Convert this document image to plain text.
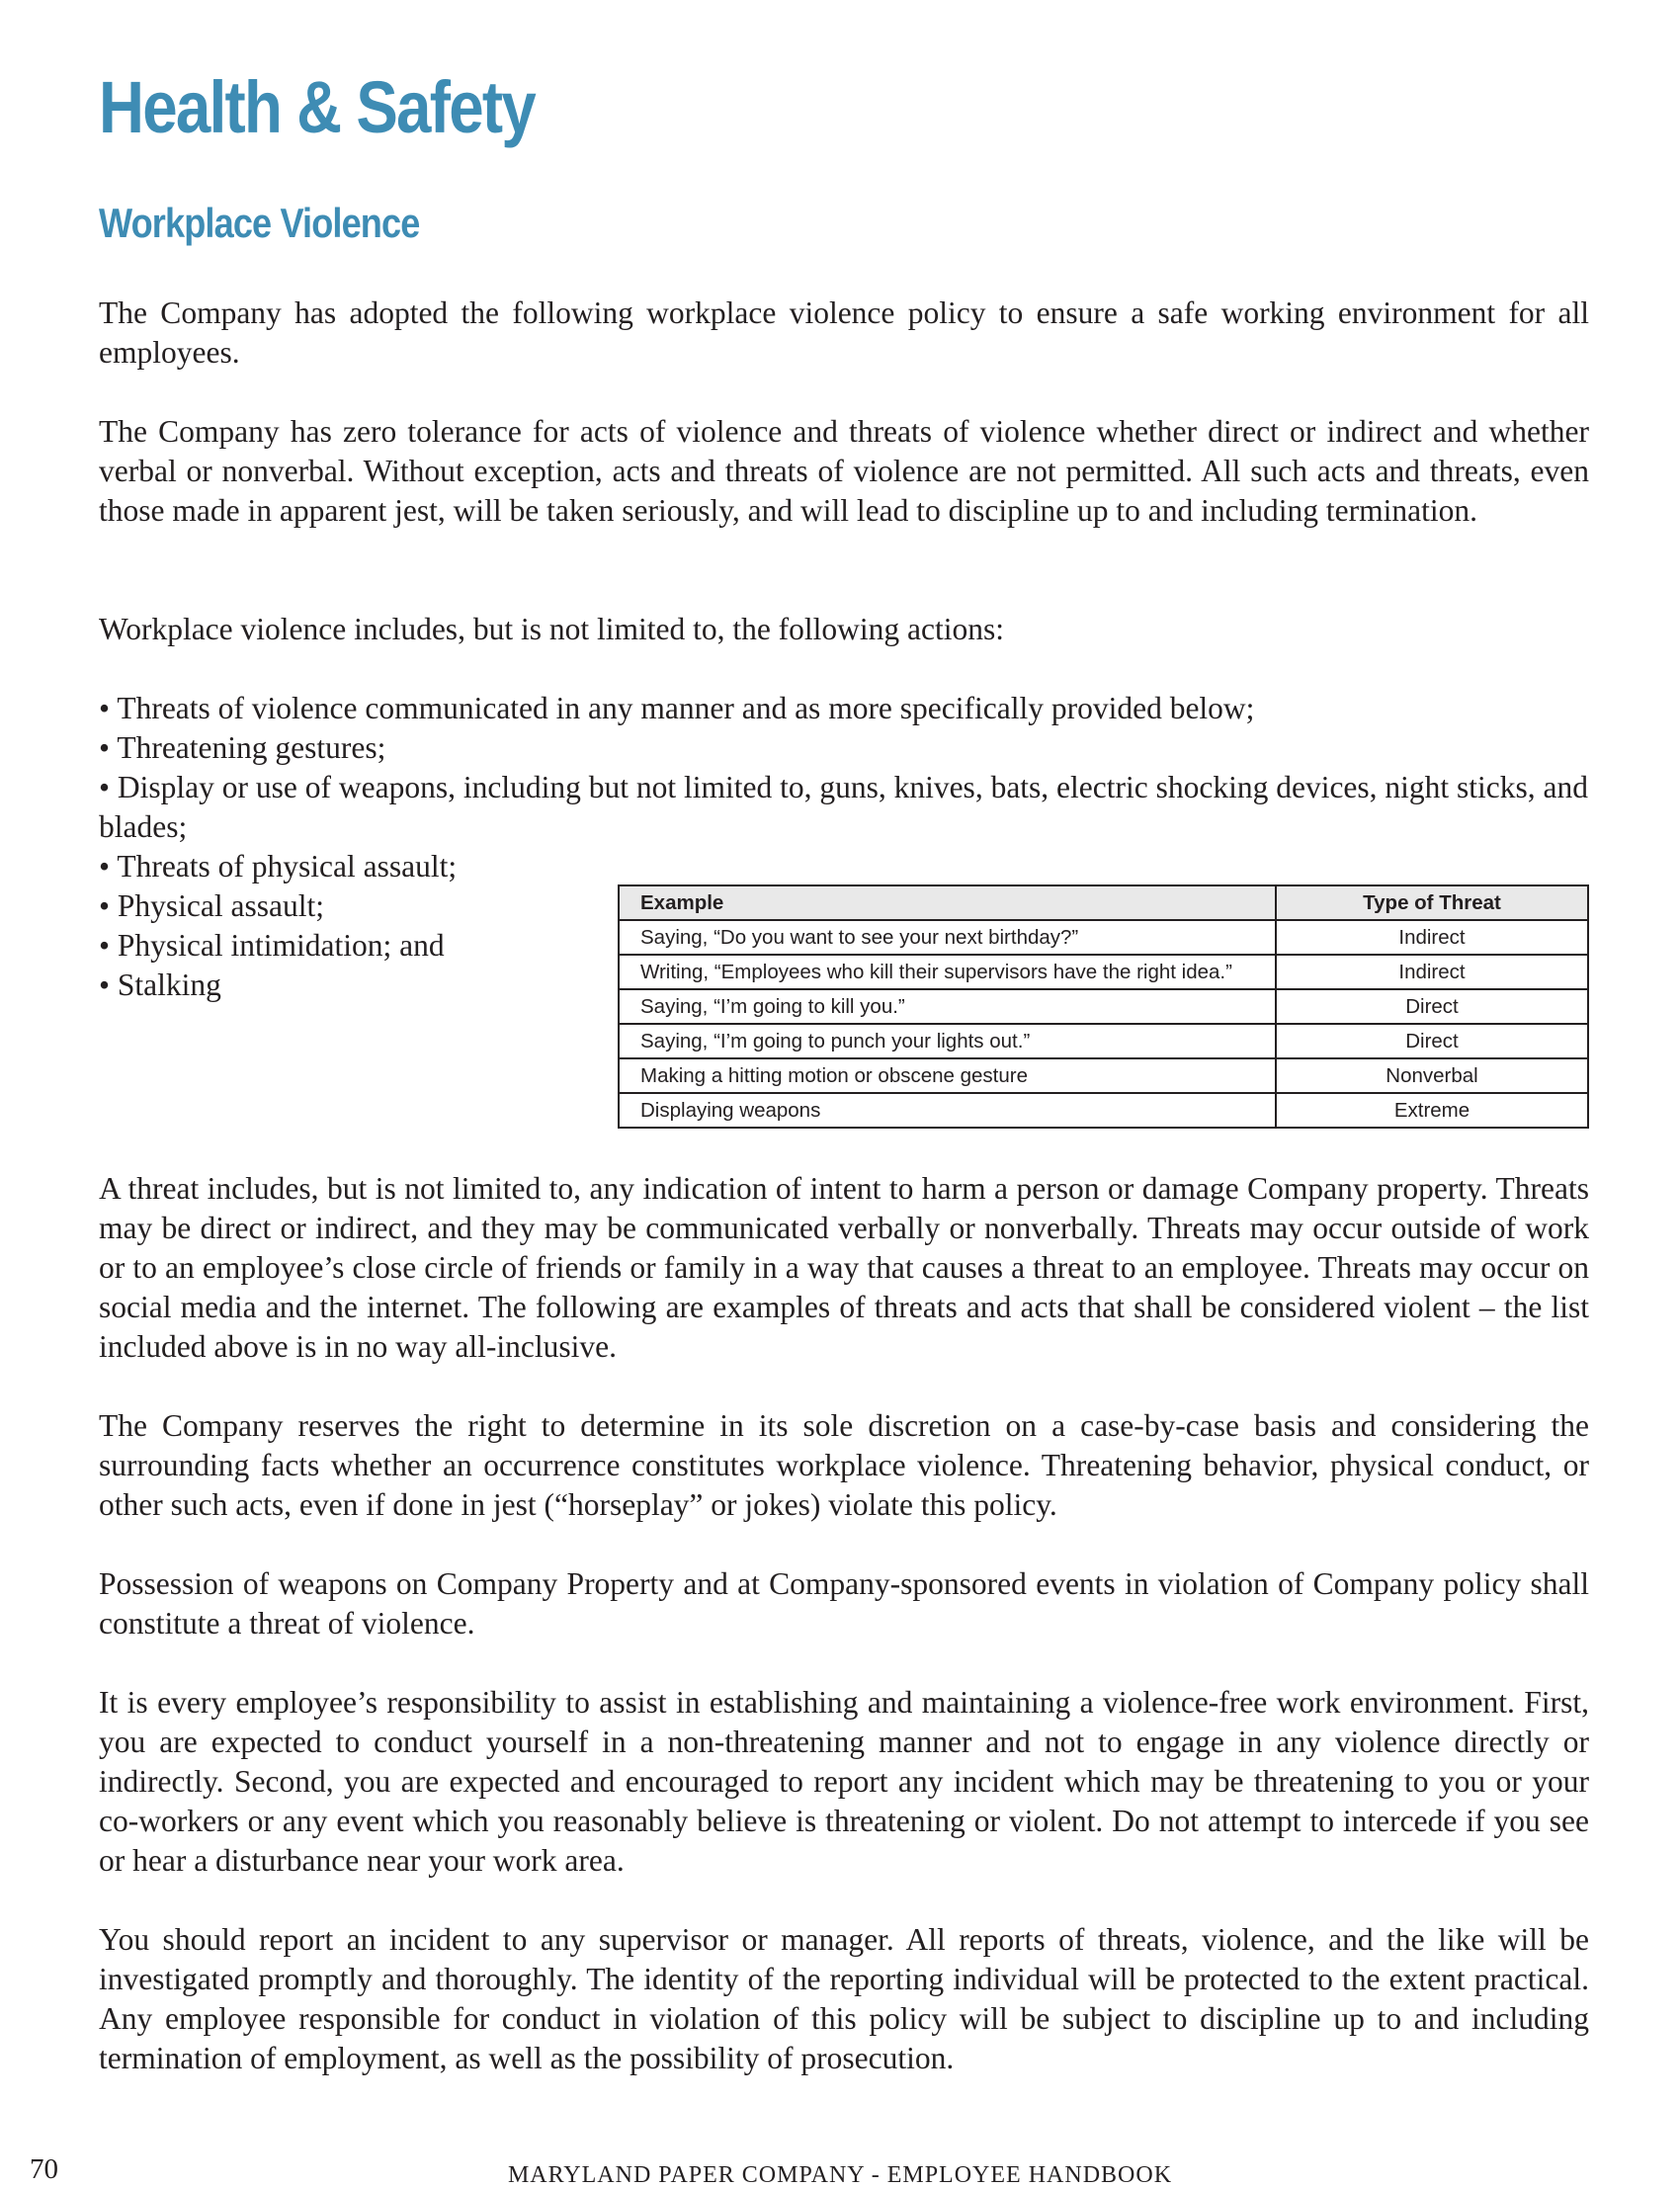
Health & Safety
Workplace Violence

The Company has adopted the following workplace violence policy to ensure a safe working environment for all employees.

The Company has zero tolerance for acts of violence and threats of violence whether direct or indirect and whether verbal or nonverbal. Without exception, acts and threats of violence are not permitted. All such acts and threats, even those made in apparent jest, will be taken seriously, and will lead to discipline up to and including termination.

Workplace violence includes, but is not limited to, the following actions:

• Threats of violence communicated in any manner and as more specifically provided below;
• Threatening gestures;
• Display or use of weapons, including but not limited to, guns, knives, bats, electric shocking devices, night sticks, and blades;
• Threats of physical assault;
• Physical assault;
• Physical intimidation; and
• Stalking
Example	Type of Threat
Saying, “Do you want to see your next birthday?”	Indirect
Writing, “Employees who kill their supervisors have the right idea.”	Indirect
Saying, “I’m going to kill you.”	Direct
Saying, “I’m going to punch your lights out.”	Direct
Making a hitting motion or obscene gesture	Nonverbal
Displaying weapons	Extreme

A threat includes, but is not limited to, any indication of intent to harm a person or damage Company property. Threats may be direct or indirect, and they may be communicated verbally or nonverbally. Threats may occur outside of work or to an employee’s close circle of friends or family in a way that causes a threat to an employee. Threats may occur on social media and the internet. The following are examples of threats and acts that shall be considered violent – the list included above is in no way all-inclusive.

The Company reserves the right to determine in its sole discretion on a case-by-case basis and considering the surrounding facts whether an occurrence constitutes workplace violence. Threatening behavior, physical conduct, or other such acts, even if done in jest (“horseplay” or jokes) violate this policy.

Possession of weapons on Company Property and at Company-sponsored events in violation of Company policy shall constitute a threat of violence.

It is every employee’s responsibility to assist in establishing and maintaining a violence-free work environment. First, you are expected to conduct yourself in a non-threatening manner and not to engage in any violence directly or indirectly. Second, you are expected and encouraged to report any incident which may be threatening to you or your co-workers or any event which you reasonably believe is threatening or violent. Do not attempt to intercede if you see or hear a disturbance near your work area.

You should report an incident to any supervisor or manager. All reports of threats, violence, and the like will be investigated promptly and thoroughly. The identity of the reporting individual will be protected to the extent practical. Any employee responsible for conduct in violation of this policy will be subject to discipline up to and including termination of employment, as well as the possibility of prosecution.

70	MARYLAND PAPER COMPANY - EMPLOYEE HANDBOOK
